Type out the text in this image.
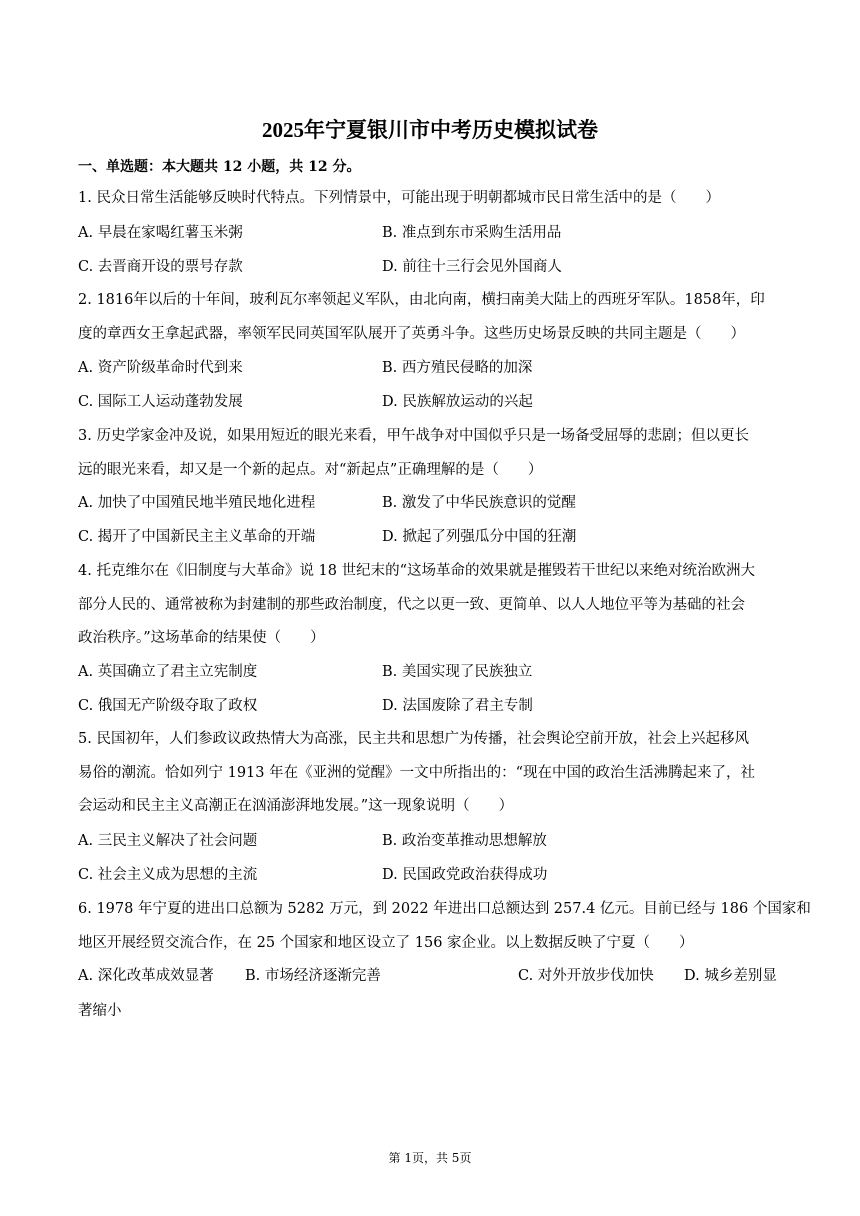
2025年宁夏银川市中考历史模拟试卷
一、单选题：本大题共 12 小题，共 12 分。
1. 民众日常生活能够反映时代特点。下列情景中，可能出现于明朝都城市民日常生活中的是（　　）
A. 早晨在家喝红薯玉米粥	B. 准点到东市采购生活用品
C. 去晋商开设的票号存款	D. 前往十三行会见外国商人
2. 1816年以后的十年间，玻利瓦尔率领起义军队，由北向南，横扫南美大陆上的西班牙军队。1858年，印
度的章西女王拿起武器，率领军民同英国军队展开了英勇斗争。这些历史场景反映的共同主题是（　　）
A. 资产阶级革命时代到来	B. 西方殖民侵略的加深
C. 国际工人运动蓬勃发展	D. 民族解放运动的兴起
3. 历史学家金冲及说，如果用短近的眼光来看，甲午战争对中国似乎只是一场备受屈辱的悲剧；但以更长
远的眼光来看，却又是一个新的起点。对“新起点”正确理解的是（　　）
A. 加快了中国殖民地半殖民地化进程	B. 激发了中华民族意识的觉醒
C. 揭开了中国新民主主义革命的开端	D. 掀起了列强瓜分中国的狂潮
4. 托克维尔在《旧制度与大革命》说 18 世纪末的“这场革命的效果就是摧毁若干世纪以来绝对统治欧洲大
部分人民的、通常被称为封建制的那些政治制度，代之以更一致、更简单、以人人地位平等为基础的社会
政治秩序。”这场革命的结果使（　　）
A. 英国确立了君主立宪制度	B. 美国实现了民族独立
C. 俄国无产阶级夺取了政权	D. 法国废除了君主专制
5. 民国初年，人们参政议政热情大为高涨，民主共和思想广为传播，社会舆论空前开放，社会上兴起移风
易俗的潮流。恰如列宁 1913 年在《亚洲的觉醒》一文中所指出的：“现在中国的政治生活沸腾起来了，社
会运动和民主主义高潮正在汹涌澎湃地发展。”这一现象说明（　　）
A. 三民主义解决了社会问题	B. 政治变革推动思想解放
C. 社会主义成为思想的主流	D. 民国政党政治获得成功
6. 1978 年宁夏的进出口总额为 5282 万元，到 2022 年进出口总额达到 257.4 亿元。目前已经与 186 个国家和
地区开展经贸交流合作，在 25 个国家和地区设立了 156 家企业。以上数据反映了宁夏（　　）
A. 深化改革成效显著 B. 市场经济逐渐完善	C. 对外开放步伐加快 D. 城乡差别显
著缩小
第 1页，共 5页
